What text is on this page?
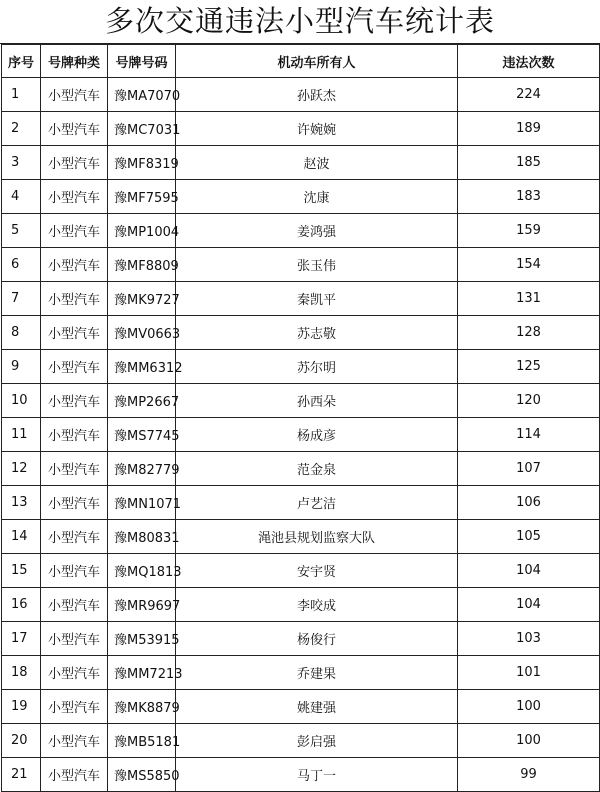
多次交通违法小型汽车统计表
序号	号牌种类	号牌号码	机动车所有人	违法次数
1	小型汽车	豫MA7070	孙跃杰	224
2	小型汽车	豫MC7031	许婉婉	189
3	小型汽车	豫MF8319	赵波	185
4	小型汽车	豫MF7595	沈康	183
5	小型汽车	豫MP1004	姜鸿强	159
6	小型汽车	豫MF8809	张玉伟	154
7	小型汽车	豫MK9727	秦凯平	131
8	小型汽车	豫MV0663	苏志敬	128
9	小型汽车	豫MM6312	苏尔明	125
10	小型汽车	豫MP2667	孙西朵	120
11	小型汽车	豫MS7745	杨成彦	114
12	小型汽车	豫M82779	范金泉	107
13	小型汽车	豫MN1071	卢艺洁	106
14	小型汽车	豫M80831	渑池县规划监察大队	105
15	小型汽车	豫MQ1813	安宇贤	104
16	小型汽车	豫MR9697	李咬成	104
17	小型汽车	豫M53915	杨俊行	103
18	小型汽车	豫MM7213	乔建果	101
19	小型汽车	豫MK8879	姚建强	100
20	小型汽车	豫MB5181	彭启强	100
21	小型汽车	豫MS5850	马丁一	99
